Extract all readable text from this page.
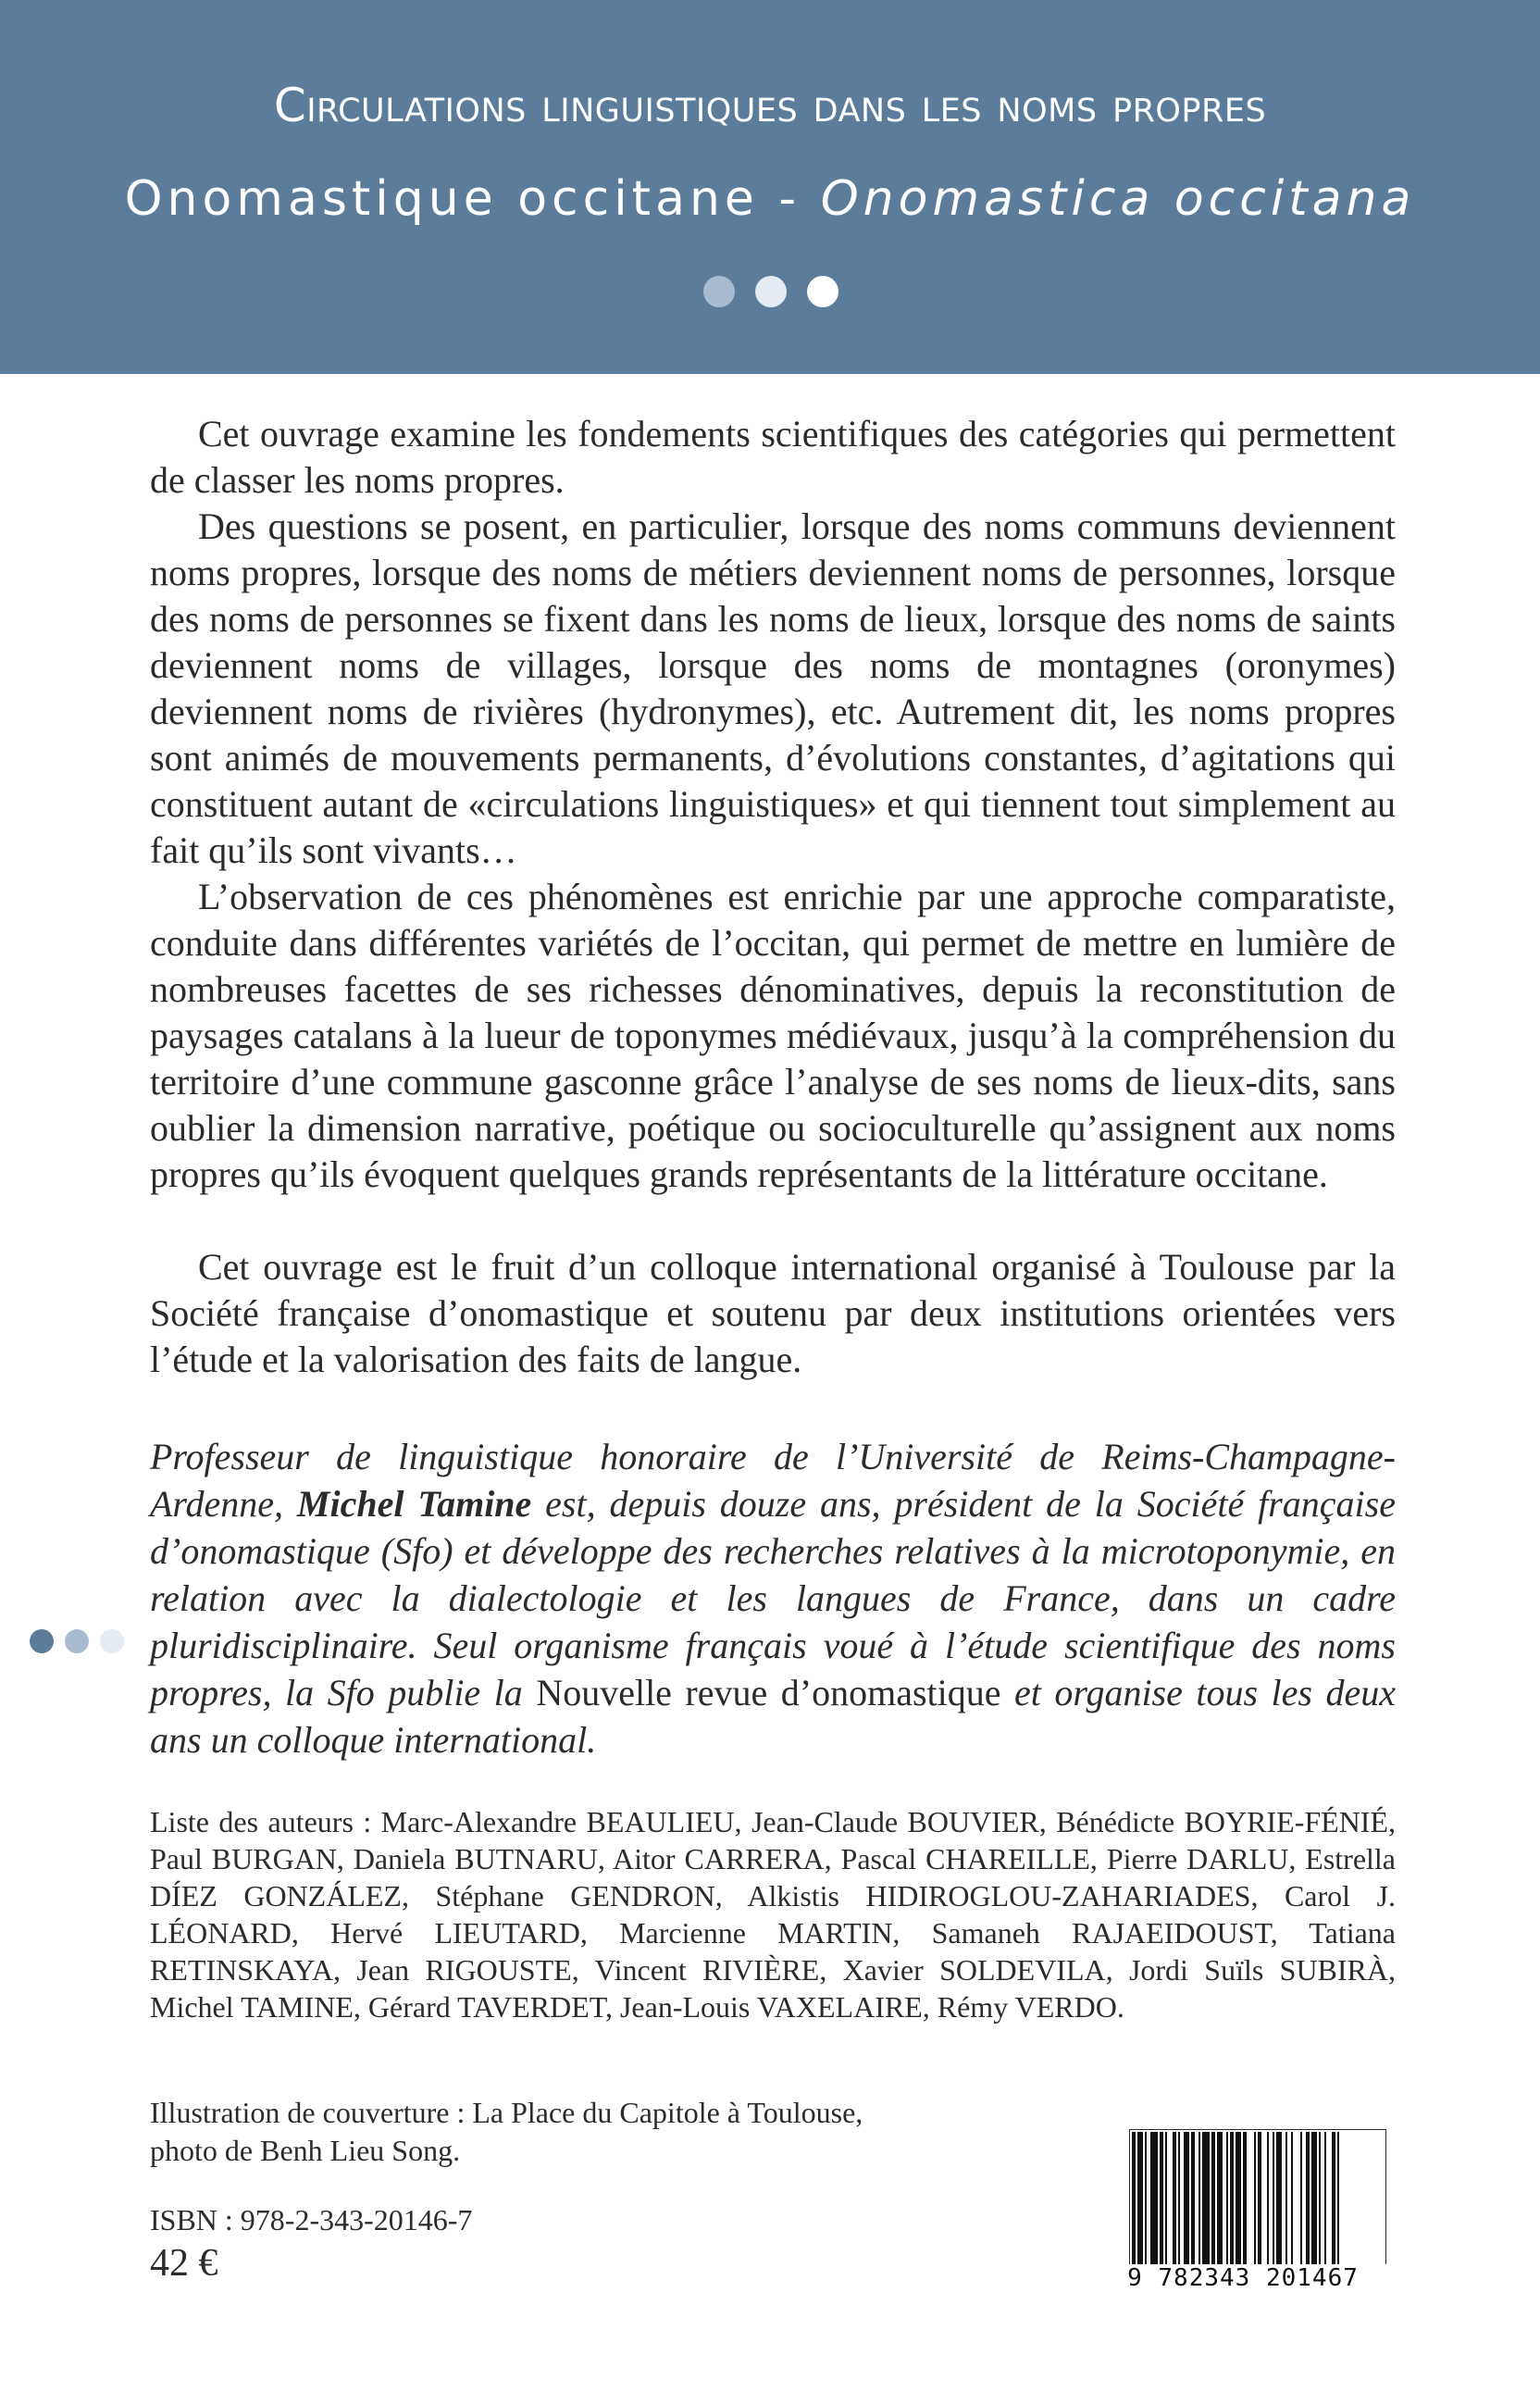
Circulations linguistiques dans les noms propres
Onomastique occitane - Onomastica occitana

Cet ouvrage examine les fondements scientifiques des catégories qui permettent de classer les noms propres.

Des questions se posent, en particulier, lorsque des noms communs deviennent noms propres, lorsque des noms de métiers deviennent noms de personnes, lorsque des noms de personnes se fixent dans les noms de lieux, lorsque des noms de saints deviennent noms de villages, lorsque des noms de montagnes (oronymes) deviennent noms de rivières (hydronymes), etc. Autrement dit, les noms propres sont animés de mouvements permanents, d’évolutions constantes, d’agitations qui constituent autant de «circulations linguistiques» et qui tiennent tout simplement au fait qu’ils sont vivants…

L’observation de ces phénomènes est enrichie par une approche comparatiste, conduite dans différentes variétés de l’occitan, qui permet de mettre en lumière de nombreuses facettes de ses richesses dénominatives, depuis la reconstitution de paysages catalans à la lueur de toponymes médiévaux, jusqu’à la compréhension du territoire d’une commune gasconne grâce l’analyse de ses noms de lieux-dits, sans oublier la dimension narrative, poétique ou socioculturelle qu’assignent aux noms propres qu’ils évoquent quelques grands représentants de la littérature occitane.

Cet ouvrage est le fruit d’un colloque international organisé à Toulouse par la Société française d’onomastique et soutenu par deux institutions orientées vers l’étude et la valorisation des faits de langue.

Professeur de linguistique honoraire de l’Université de Reims-Champagne-Ardenne, Michel Tamine est, depuis douze ans, président de la Société française d’onomastique (Sfo) et développe des recherches relatives à la microtoponymie, en relation avec la dialectologie et les langues de France, dans un cadre pluridisciplinaire. Seul organisme français voué à l’étude scientifique des noms propres, la Sfo publie la Nouvelle revue d’onomastique et organise tous les deux ans un colloque international.

Liste des auteurs : Marc-Alexandre BEAULIEU, Jean-Claude BOUVIER, Bénédicte BOYRIE-FÉNIÉ, Paul BURGAN, Daniela BUTNARU, Aitor CARRERA, Pascal CHAREILLE, Pierre DARLU, Estrella DÍEZ GONZÁLEZ, Stéphane GENDRON, Alkistis HIDIROGLOU-ZAHARIADES, Carol J. LÉONARD, Hervé LIEUTARD, Marcienne MARTIN, Samaneh RAJAEIDOUST, Tatiana RETINSKAYA, Jean RIGOUSTE, Vincent RIVIÈRE, Xavier SOLDEVILA, Jordi Suïls SUBIRÀ, Michel TAMINE, Gérard TAVERDET, Jean-Louis VAXELAIRE, Rémy VERDO.

Illustration de couverture : La Place du Capitole à Toulouse,
photo de Benh Lieu Song.

ISBN : 978-2-343-20146-7

42 €	9 782343 201467
